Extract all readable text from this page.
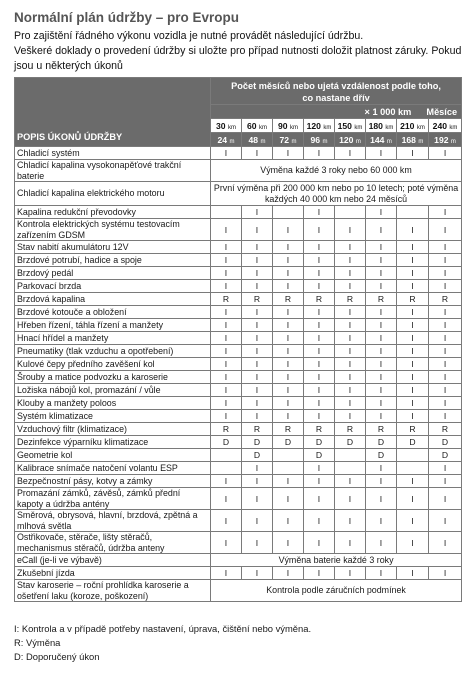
Normální plán údržby – pro Evropu
Pro zajištění řádného výkonu vozidla je nutné provádět následující údržbu.
Veškeré doklady o provedení údržby si uložte pro případ nutnosti doložit platnost záruky. Pokud jsou u některých úkonů
POPIS ÚKONŮ ÚDRŽBY	Počet měsíců nebo ujetá vzdálenost podle toho,
co nastane dřív							

	× 1 000 km Měsíce							
	30 km	60 km	90 km	120 km	150 km	180 km	210 km	240 km
	24 m	48 m	72 m	96 m	120 m	144 m	168 m	192 m
Chladicí systém	I	I	I	I	I	I	I	I
Chladicí kapalina vysokonapěťové trakční baterie	Výměna každé 3 roky nebo 60 000 km							
Chladicí kapalina elektrického motoru	První výměna při 200 000 km nebo po 10 letech; poté výměna každých 40 000 km nebo 24 měsíců							
Kapalina redukční převodovky		I		I		I		I
Kontrola elektrických systému testovacím zařízením GDSM	I	I	I	I	I	I	I	I
Stav nabití akumulátoru 12V	I	I	I	I	I	I	I	I
Brzdové potrubí, hadice a spoje	I	I	I	I	I	I	I	I
Brzdový pedál	I	I	I	I	I	I	I	I
Parkovací brzda	I	I	I	I	I	I	I	I
Brzdová kapalina	R	R	R	R	R	R	R	R
Brzdové kotouče a obložení	I	I	I	I	I	I	I	I
Hřeben řízení, táhla řízení a manžety	I	I	I	I	I	I	I	I
Hnací hřídel a manžety	I	I	I	I	I	I	I	I
Pneumatiky (tlak vzduchu a opotřebení)	I	I	I	I	I	I	I	I
Kulové čepy předního zavěšení kol	I	I	I	I	I	I	I	I
Šrouby a matice podvozku a karoserie	I	I	I	I	I	I	I	I
Ložiska nábojů kol, promazání / vůle	I	I	I	I	I	I	I	I
Klouby a manžety poloos	I	I	I	I	I	I	I	I
Systém klimatizace	I	I	I	I	I	I	I	I
Vzduchový filtr (klimatizace)	R	R	R	R	R	R	R	R
Dezinfekce výparníku klimatizace	D	D	D	D	D	D	D	D
Geometrie kol		D		D		D		D
Kalibrace snímače natočení volantu ESP		I		I		I		I
Bezpečnostní pásy, kotvy a zámky	I	I	I	I	I	I	I	I
Promazání zámků, závěsů, zámků přední kapoty a údržba antény	I	I	I	I	I	I	I	I
Směrová, obrysová, hlavní, brzdová, zpětná a mlhová světla	I	I	I	I	I	I	I	I
Ostřikovače, stěrače, lišty stěračů, mechanismus stěračů, údržba anteny	I	I	I	I	I	I	I	I
eCall (je-li ve výbavě)	Výměna baterie každé 3 roky							
Zkušební jízda	I	I	I	I	I	I	I	I
Stav karoserie – roční prohlídka karoserie a ošetření laku (koroze, poškození)	Kontrola podle záručních podmínek							
I: Kontrola a v případě potřeby nastavení, úprava, čištění nebo výměna.
R: Výměna
D: Doporučený úkon
